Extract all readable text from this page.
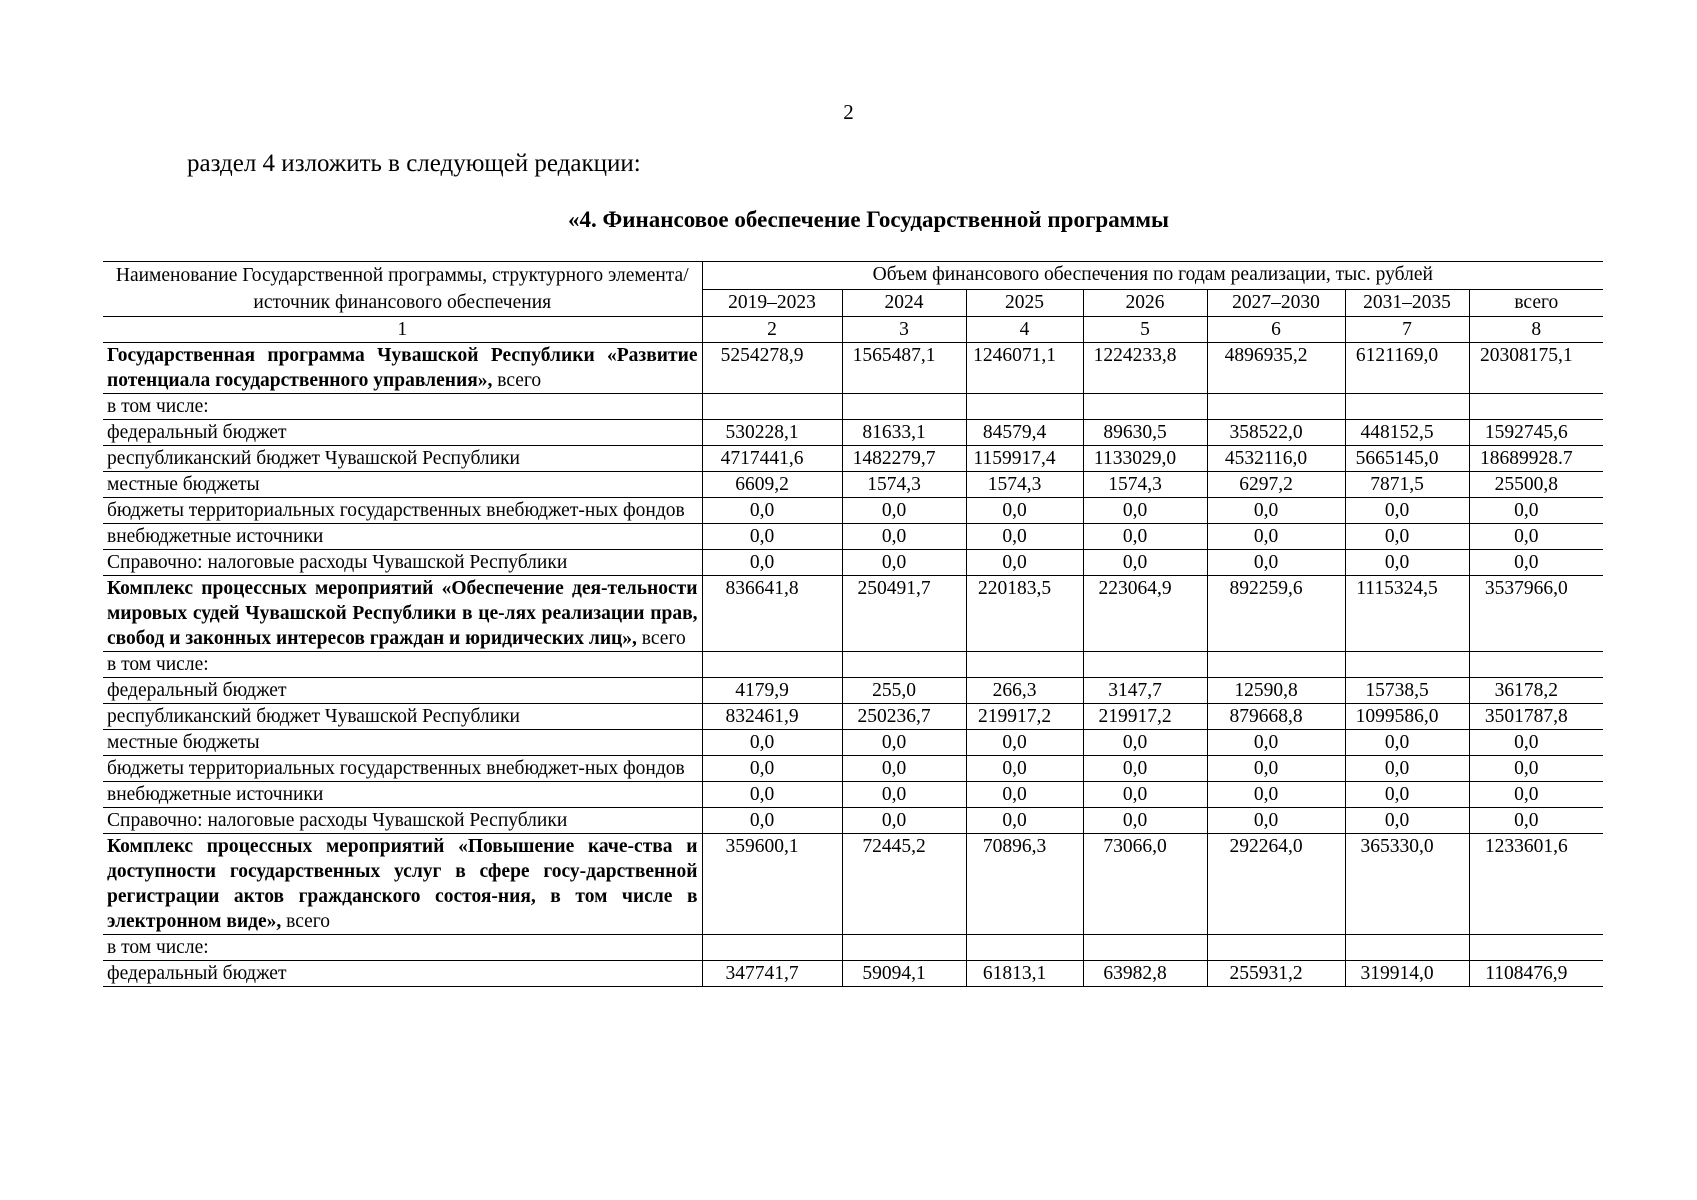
2
раздел 4 изложить в следующей редакции:
«4. Финансовое обеспечение Государственной программы
Наименование Государственной программы, структурного элемента/ источник финансового обеспечения	Объем финансового обеспечения по годам реализации, тыс. рублей						
	2019–2023	2024	2025	2026	2027–2030	2031–2035	всего
1	2	3	4	5	6	7	8
Государственная программа Чувашской Республики «Развитие потенциала государственного управления», всего	5254278,9	1565487,1	1246071,1	1224233,8	4896935,2	6121169,0	20308175,1
в том числе:							
федеральный бюджет	530228,1	81633,1	84579,4	89630,5	358522,0	448152,5	1592745,6
республиканский бюджет Чувашской Республики	4717441,6	1482279,7	1159917,4	1133029,0	4532116,0	5665145,0	18689928.7
местные бюджеты	6609,2	1574,3	1574,3	1574,3	6297,2	7871,5	25500,8
бюджеты территориальных государственных внебюджет-ных фондов	0,0	0,0	0,0	0,0	0,0	0,0	0,0
внебюджетные источники	0,0	0,0	0,0	0,0	0,0	0,0	0,0
Справочно: налоговые расходы Чувашской Республики	0,0	0,0	0,0	0,0	0,0	0,0	0,0
Комплекс процессных мероприятий «Обеспечение дея-тельности мировых судей Чувашской Республики в це-лях реализации прав, свобод и законных интересов граждан и юридических лиц», всего	836641,8	250491,7	220183,5	223064,9	892259,6	1115324,5	3537966,0
в том числе:							
федеральный бюджет	4179,9	255,0	266,3	3147,7	12590,8	15738,5	36178,2
республиканский бюджет Чувашской Республики	832461,9	250236,7	219917,2	219917,2	879668,8	1099586,0	3501787,8
местные бюджеты	0,0	0,0	0,0	0,0	0,0	0,0	0,0
бюджеты территориальных государственных внебюджет-ных фондов	0,0	0,0	0,0	0,0	0,0	0,0	0,0
внебюджетные источники	0,0	0,0	0,0	0,0	0,0	0,0	0,0
Справочно: налоговые расходы Чувашской Республики	0,0	0,0	0,0	0,0	0,0	0,0	0,0
Комплекс процессных мероприятий «Повышение каче-ства и доступности государственных услуг в сфере госу-дарственной регистрации актов гражданского состоя-ния, в том числе в электронном виде», всего	359600,1	72445,2	70896,3	73066,0	292264,0	365330,0	1233601,6
в том числе:							
федеральный бюджет	347741,7	59094,1	61813,1	63982,8	255931,2	319914,0	1108476,9
